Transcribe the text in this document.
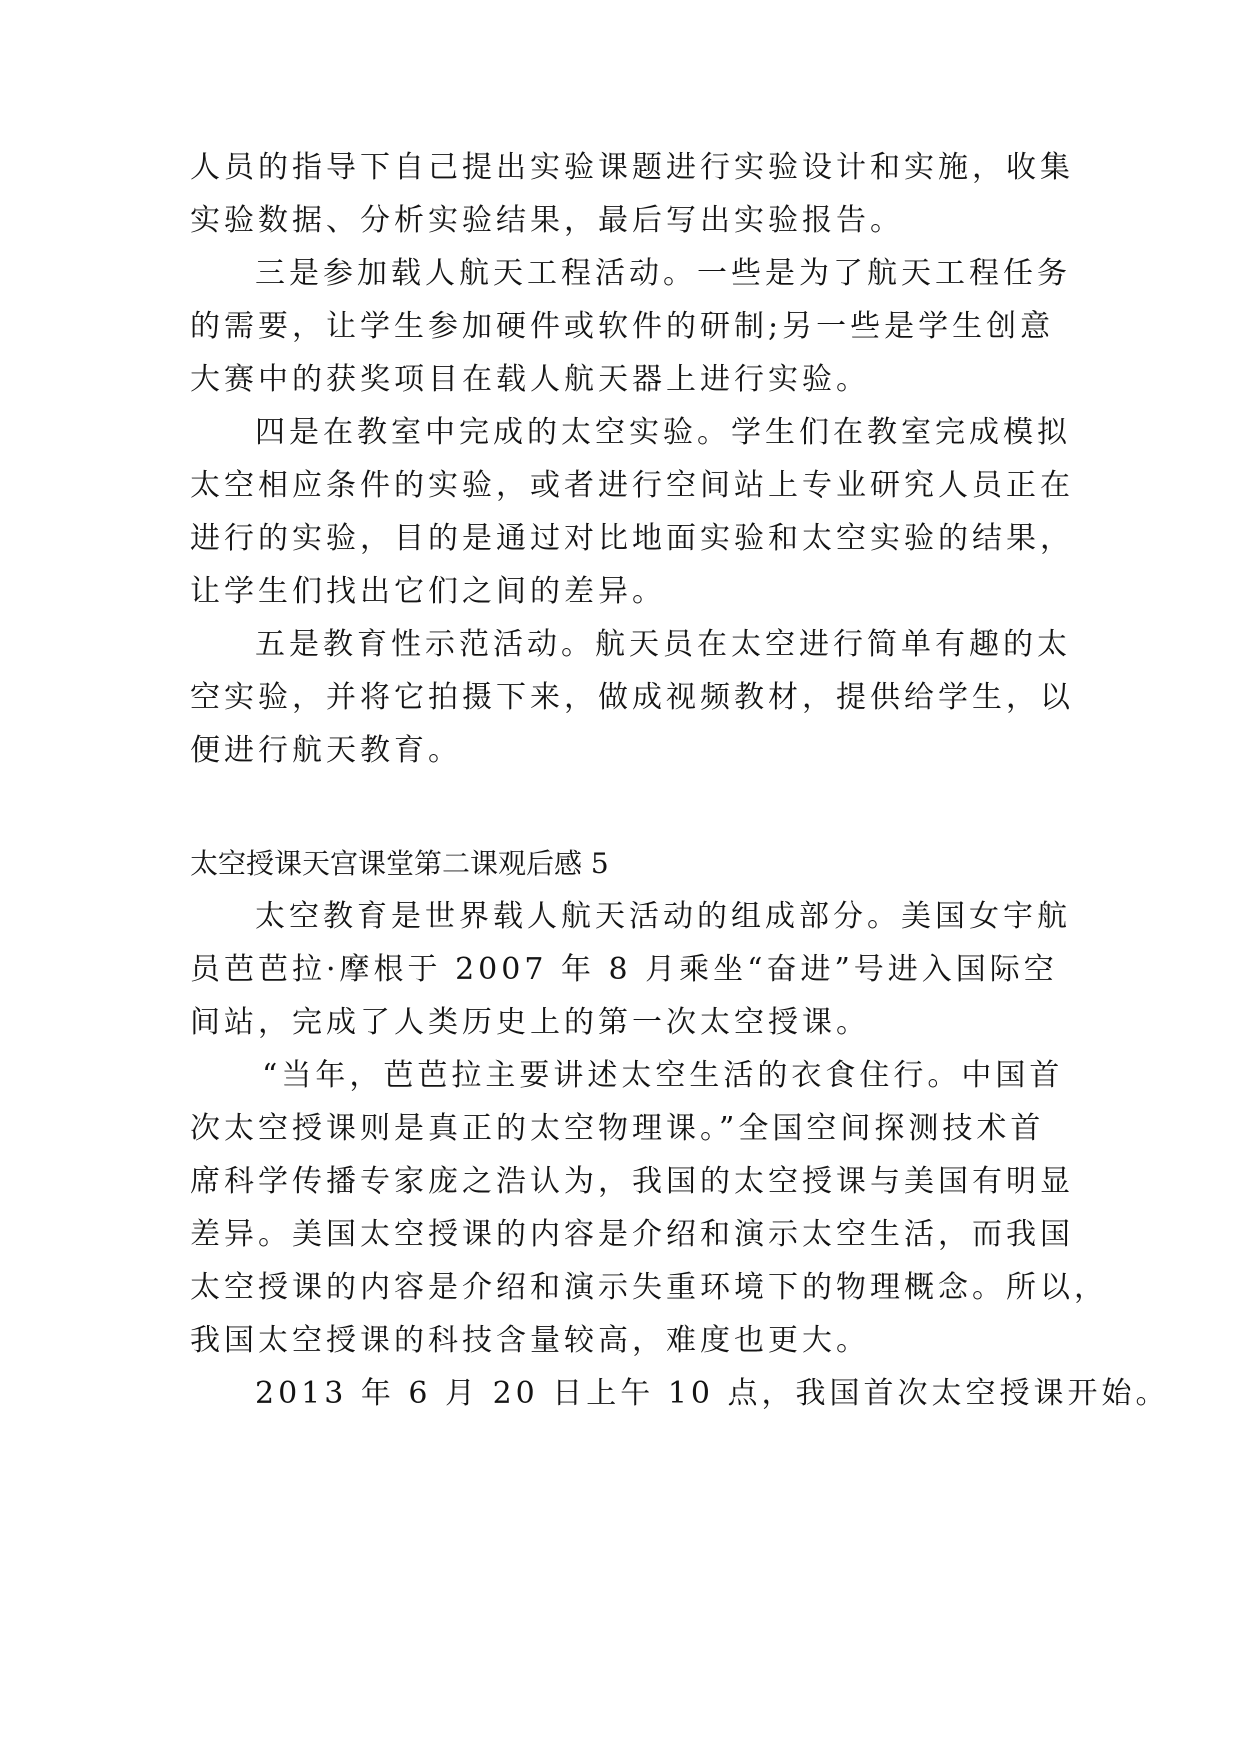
人员的指导下自己提出实验课题进行实验设计和实施，收集
实验数据、分析实验结果，最后写出实验报告。
三是参加载人航天工程活动。一些是为了航天工程任务
的需要，让学生参加硬件或软件的研制;另一些是学生创意
大赛中的获奖项目在载人航天器上进行实验。
四是在教室中完成的太空实验。学生们在教室完成模拟
太空相应条件的实验，或者进行空间站上专业研究人员正在
进行的实验，目的是通过对比地面实验和太空实验的结果，
让学生们找出它们之间的差异。
五是教育性示范活动。航天员在太空进行简单有趣的太
空实验，并将它拍摄下来，做成视频教材，提供给学生，以
便进行航天教育。
太空授课天宫课堂第二课观后感 5
太空教育是世界载人航天活动的组成部分。美国女宇航
员芭芭拉·摩根于 2007 年 8 月乘坐“奋进”号进入国际空
间站，完成了人类历史上的第一次太空授课。
“当年，芭芭拉主要讲述太空生活的衣食住行。中国首
次太空授课则是真正的太空物理课。”全国空间探测技术首
席科学传播专家庞之浩认为，我国的太空授课与美国有明显
差异。美国太空授课的内容是介绍和演示太空生活，而我国
太空授课的内容是介绍和演示失重环境下的物理概念。所以，
我国太空授课的科技含量较高，难度也更大。
2013 年 6 月 20 日上午 10 点，我国首次太空授课开始。
